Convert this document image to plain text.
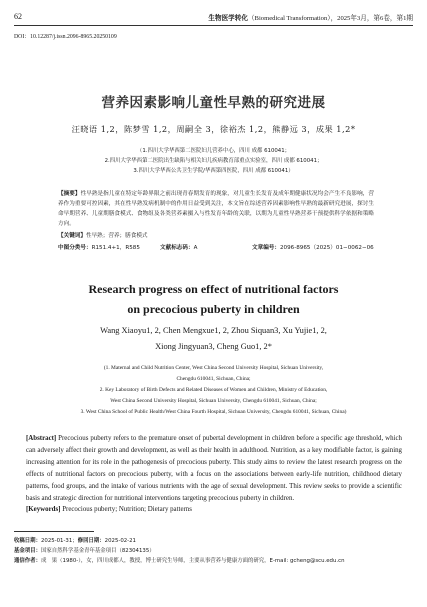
62	生物医学转化（Biomedical Transformation），2025年3月，第6卷，第1期
DOI：10.12287/j.issn.2096-8965.20250109
营养因素影响儿童性早熟的研究进展
汪晓语 1,2，陈梦雪 1,2，周嗣全 3，徐裕杰 1,2，熊静远 3，成果 1,2*
（1.四川大学华西第二医院妇儿营养中心，四川 成都 610041；
2.四川大学华西第二医院出生缺陷与相关妇儿疾病教育部重点实验室，四川 成都 610041；
3.四川大学华西公共卫生学院/华西第四医院，四川 成都 610041）
【摘要】性早熟是指儿童在特定年龄界限之前出现青春期发育的现象，对儿童生长发育及成年期健康状况均会产生不良影响，营养作为重要可控因素，其在性早熟发病机制中的作用日益受到关注，本文旨在综述营养因素影响性早熟的最新研究进展，探讨生命早期营养、儿童期膳食模式、食物组及各类营养素摄入与性发育年龄的关联，以期为儿童性早熟营养干预提供科学依据和策略方向。
【关键词】性早熟；营养；膳食模式
中图分类号：R151.4+1，R585	文献标志码：A	文章编号：2096-8965（2025）01−0062−06
Research progress on effect of nutritional factors
on precocious puberty in children
Wang Xiaoyu1, 2, Chen Mengxue1, 2, Zhou Siquan3, Xu Yujie1, 2,
Xiong Jingyuan3, Cheng Guo1, 2*
(1. Maternal and Child Nutrition Center, West China Second University Hospital, Sichuan University,
Chengdu 610041, Sichuan, China;
2. Key Laboratory of Birth Defects and Related Diseases of Women and Children, Ministry of Education,
West China Second University Hospital, Sichuan University, Chengdu 610041, Sichuan, China;
3. West China School of Public Health/West China Fourth Hospital, Sichuan University, Chengdu 610041, Sichuan, China)
[Abstract] Precocious puberty refers to the premature onset of pubertal development in children before a specific age threshold, which can adversely affect their growth and development, as well as their health in adulthood. Nutrition, as a key modifiable factor, is gaining increasing attention for its role in the pathogenesis of precocious puberty. This study aims to review the latest research progress on the effects of nutritional factors on precocious puberty, with a focus on the associations between early-life nutrition, childhood dietary patterns, food groups, and the intake of various nutrients with the age of sexual development. This review seeks to provide a scientific basis and strategic direction for nutritional interventions targeting precocious puberty in children.
[Keywords] Precocious puberty; Nutrition; Dietary patterns
收稿日期：2025-01-31；修回日期：2025-02-21
基金项目：国家自然科学基金青年基金项目（82304135）
通信作者：成　果（1980-），女，四川成都人，教授，博士研究生导师，主要从事营养与健康方面的研究，E-mail: gcheng@scu.edu.cn
